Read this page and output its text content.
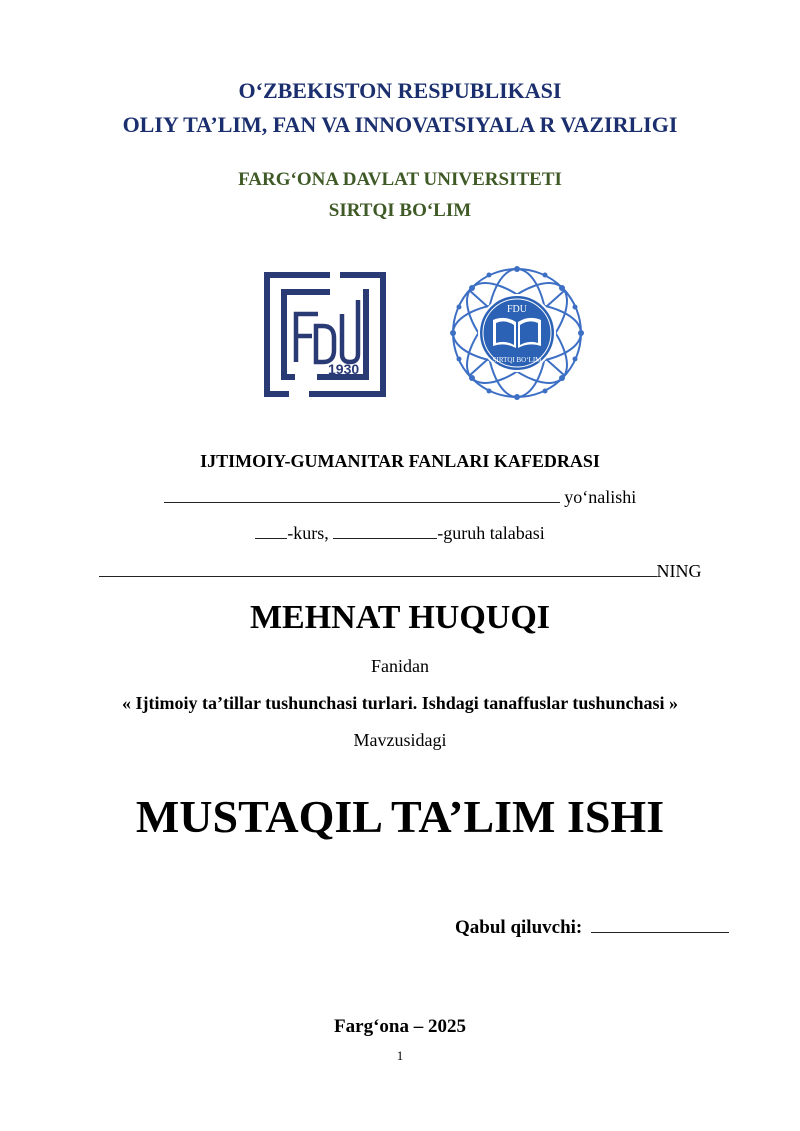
O‘ZBEKISTON RESPUBLIKASI
OLIY TA’LIM, FAN VA INNOVATSIYALA R VAZIRLIGI
FARG‘ONA DAVLAT UNIVERSITETI
SIRTQI BO‘LIM
1930
FDU
SIRTQI BO‘LIM
IJTIMOIY-GUMANITAR FANLARI KAFEDRASI
yo‘nalishi
-kurs,	-guruh talabasi
NING
MEHNAT HUQUQI
Fanidan
« Ijtimoiy ta’tillar tushunchasi turlari. Ishdagi tanaffuslar tushunchasi »
Mavzusidagi
MUSTAQIL TA’LIM ISHI
Qabul qiluvchi:
Farg‘ona – 2025
1
